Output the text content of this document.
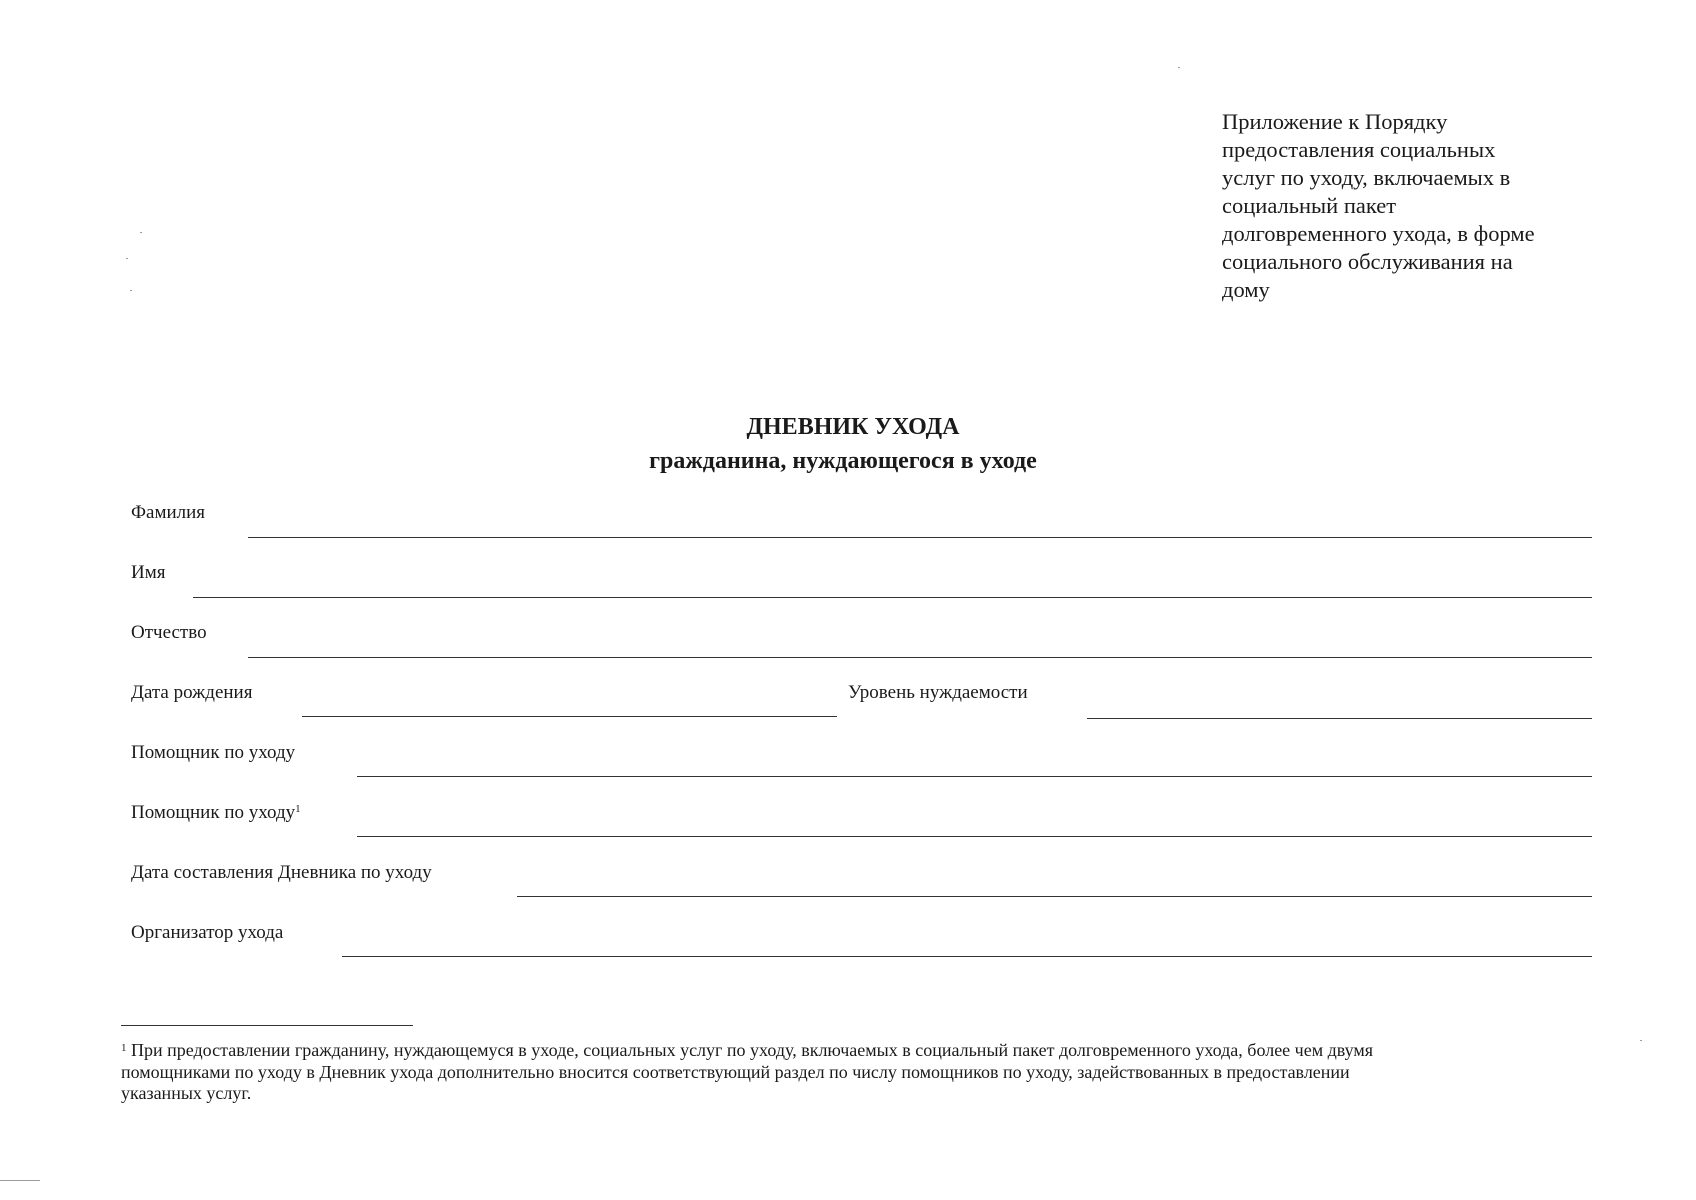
Приложение к Порядку
предоставления социальных
услуг по уходу, включаемых в
социальный пакет
долговременного ухода, в форме
социального обслуживания на
дому
ДНЕВНИК УХОДА
гражданина, нуждающегося в уходе
Фамилия
Имя
Отчество
Дата рождения	Уровень нуждаемости
Помощник по уходу
Помощник по уходу$^1$
Дата составления Дневника по уходу
Организатор ухода
$^1$ При предоставлении гражданину, нуждающемуся в уходе, социальных услуг по уходу, включаемых в социальный пакет долговременного ухода, более чем двумя
помощниками по уходу в Дневник ухода дополнительно вносится соответствующий раздел по числу помощников по уходу, задействованных в предоставлении
указанных услуг.
